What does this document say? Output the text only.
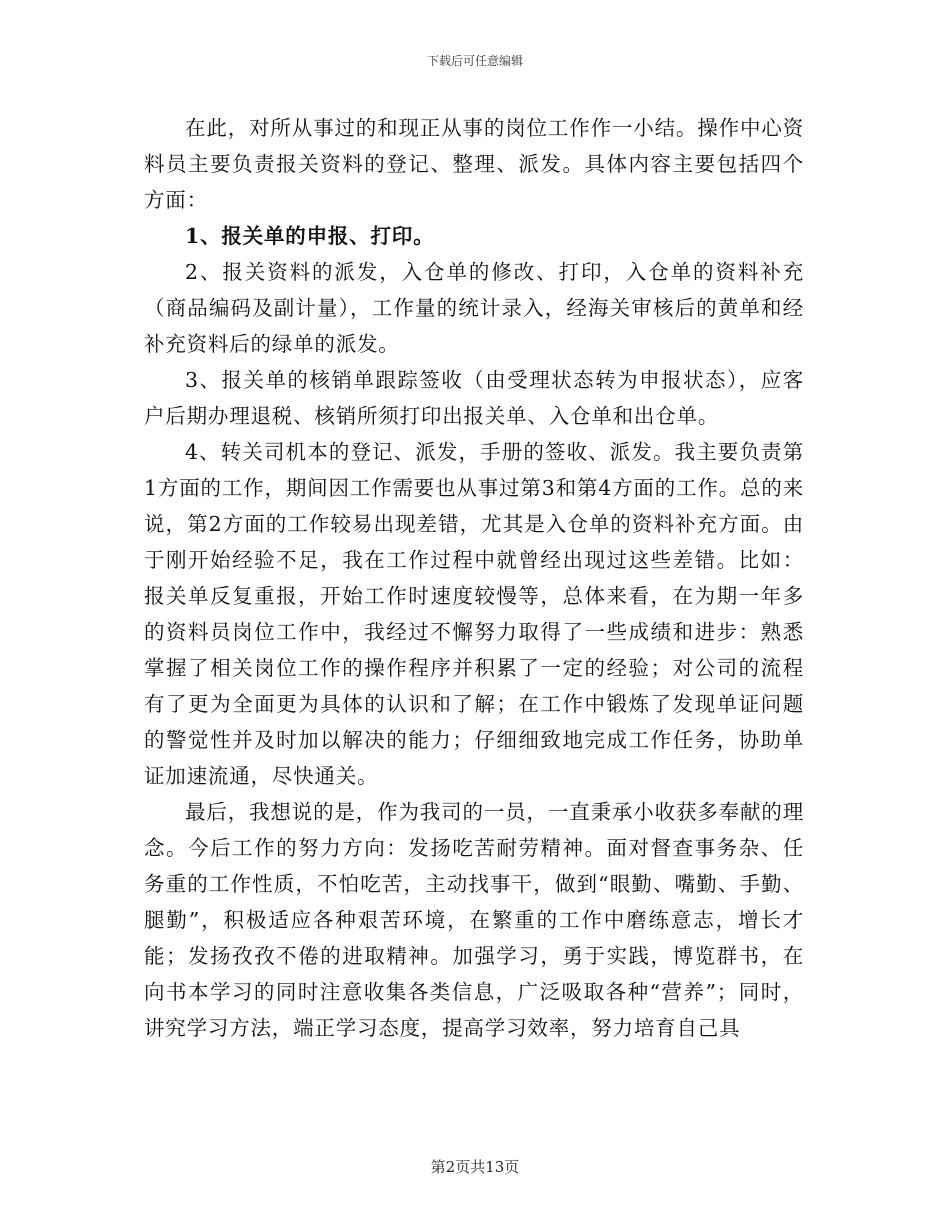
下载后可任意编辑

在此，对所从事过的和现正从事的岗位工作作一小结。操作中心资料员主要负责报关资料的登记、整理、派发。具体内容主要包括四个方面：

1、报关单的申报、打印。

2、报关资料的派发，入仓单的修改、打印，入仓单的资料补充（商品编码及副计量），工作量的统计录入，经海关审核后的黄单和经补充资料后的绿单的派发。

3、报关单的核销单跟踪签收（由受理状态转为申报状态），应客户后期办理退税、核销所须打印出报关单、入仓单和出仓单。

4、转关司机本的登记、派发，手册的签收、派发。我主要负责第1方面的工作，期间因工作需要也从事过第3和第4方面的工作。总的来说，第2方面的工作较易出现差错，尤其是入仓单的资料补充方面。由于刚开始经验不足，我在工作过程中就曾经出现过这些差错。比如：报关单反复重报，开始工作时速度较慢等，总体来看，在为期一年多的资料员岗位工作中，我经过不懈努力取得了一些成绩和进步：熟悉掌握了相关岗位工作的操作程序并积累了一定的经验；对公司的流程有了更为全面更为具体的认识和了解；在工作中锻炼了发现单证问题的警觉性并及时加以解决的能力；仔细细致地完成工作任务，协助单证加速流通，尽快通关。

最后，我想说的是，作为我司的一员，一直秉承小收获多奉献的理念。今后工作的努力方向：发扬吃苦耐劳精神。面对督查事务杂、任务重的工作性质，不怕吃苦，主动找事干，做到“眼勤、嘴勤、手勤、腿勤”，积极适应各种艰苦环境，在繁重的工作中磨练意志，增长才能；发扬孜孜不倦的进取精神。加强学习，勇于实践，博览群书，在向书本学习的同时注意收集各类信息，广泛吸取各种“营养”；同时，讲究学习方法，端正学习态度，提高学习效率，努力培育自己具

第2页共13页
